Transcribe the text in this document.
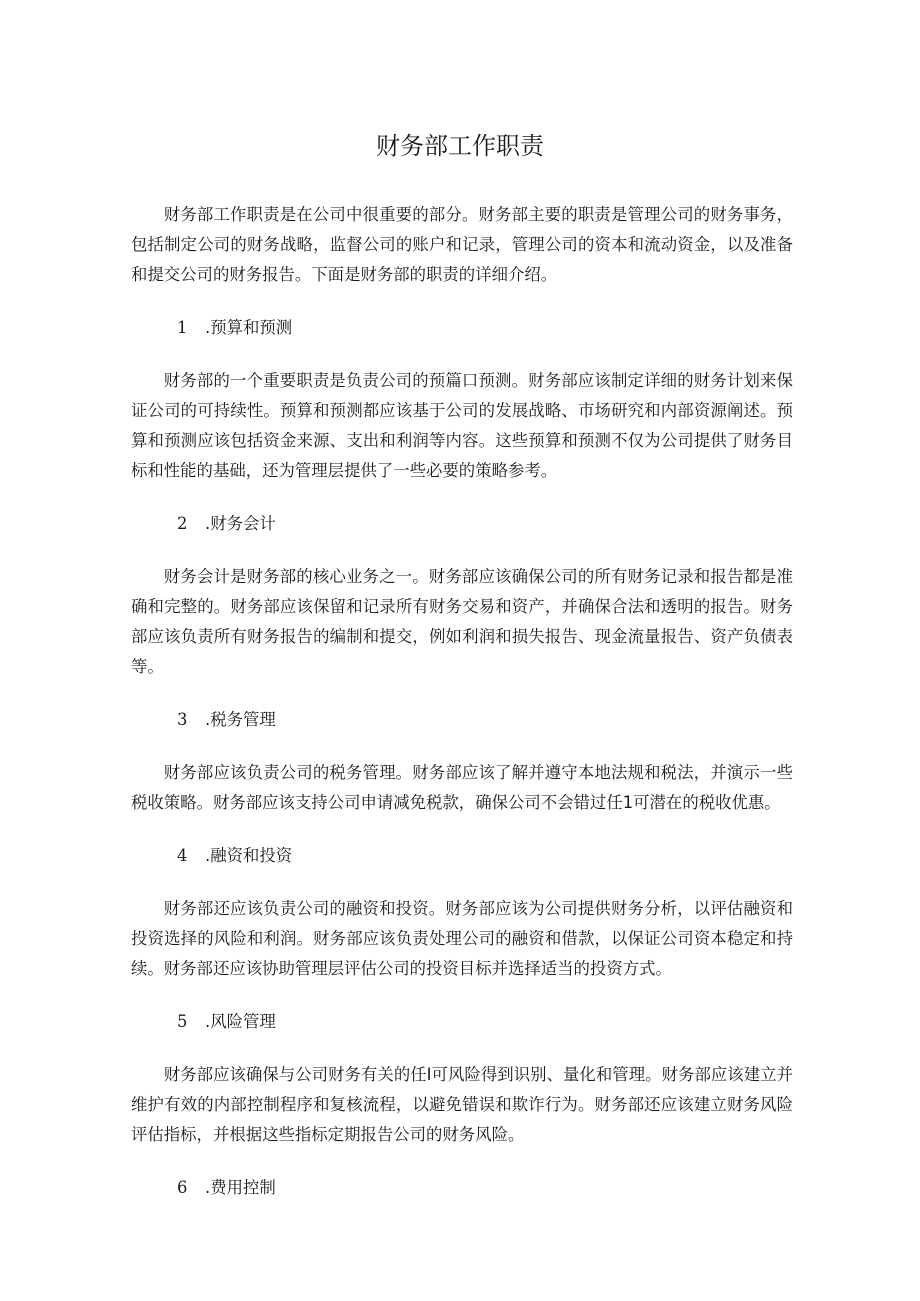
财务部工作职责

财务部工作职责是在公司中很重要的部分。财务部主要的职责是管理公司的财务事务，包括制定公司的财务战略，监督公司的账户和记录，管理公司的资本和流动资金，以及准备和提交公司的财务报告。下面是财务部的职责的详细介绍。

1 .预算和预测

财务部的一个重要职责是负责公司的预篇口预测。财务部应该制定详细的财务计划来保证公司的可持续性。预算和预测都应该基于公司的发展战略、市场研究和内部资源阐述。预算和预测应该包括资金来源、支出和利润等内容。这些预算和预测不仅为公司提供了财务目标和性能的基础，还为管理层提供了一些必要的策略参考。

2 .财务会计

财务会计是财务部的核心业务之一。财务部应该确保公司的所有财务记录和报告都是准确和完整的。财务部应该保留和记录所有财务交易和资产，并确保合法和透明的报告。财务部应该负责所有财务报告的编制和提交，例如利润和损失报告、现金流量报告、资产负债表等。

3 .税务管理

财务部应该负责公司的税务管理。财务部应该了解并遵守本地法规和税法，并演示一些税收策略。财务部应该支持公司申请减免税款，确保公司不会错过任1可潜在的税收优惠。

4 .融资和投资

财务部还应该负责公司的融资和投资。财务部应该为公司提供财务分析，以评估融资和投资选择的风险和利润。财务部应该负责处理公司的融资和借款，以保证公司资本稳定和持续。财务部还应该协助管理层评估公司的投资目标并选择适当的投资方式。

5 .风险管理

财务部应该确保与公司财务有关的任I可风险得到识别、量化和管理。财务部应该建立并维护有效的内部控制程序和复核流程，以避免错误和欺诈行为。财务部还应该建立财务风险评估指标，并根据这些指标定期报告公司的财务风险。

6 .费用控制
